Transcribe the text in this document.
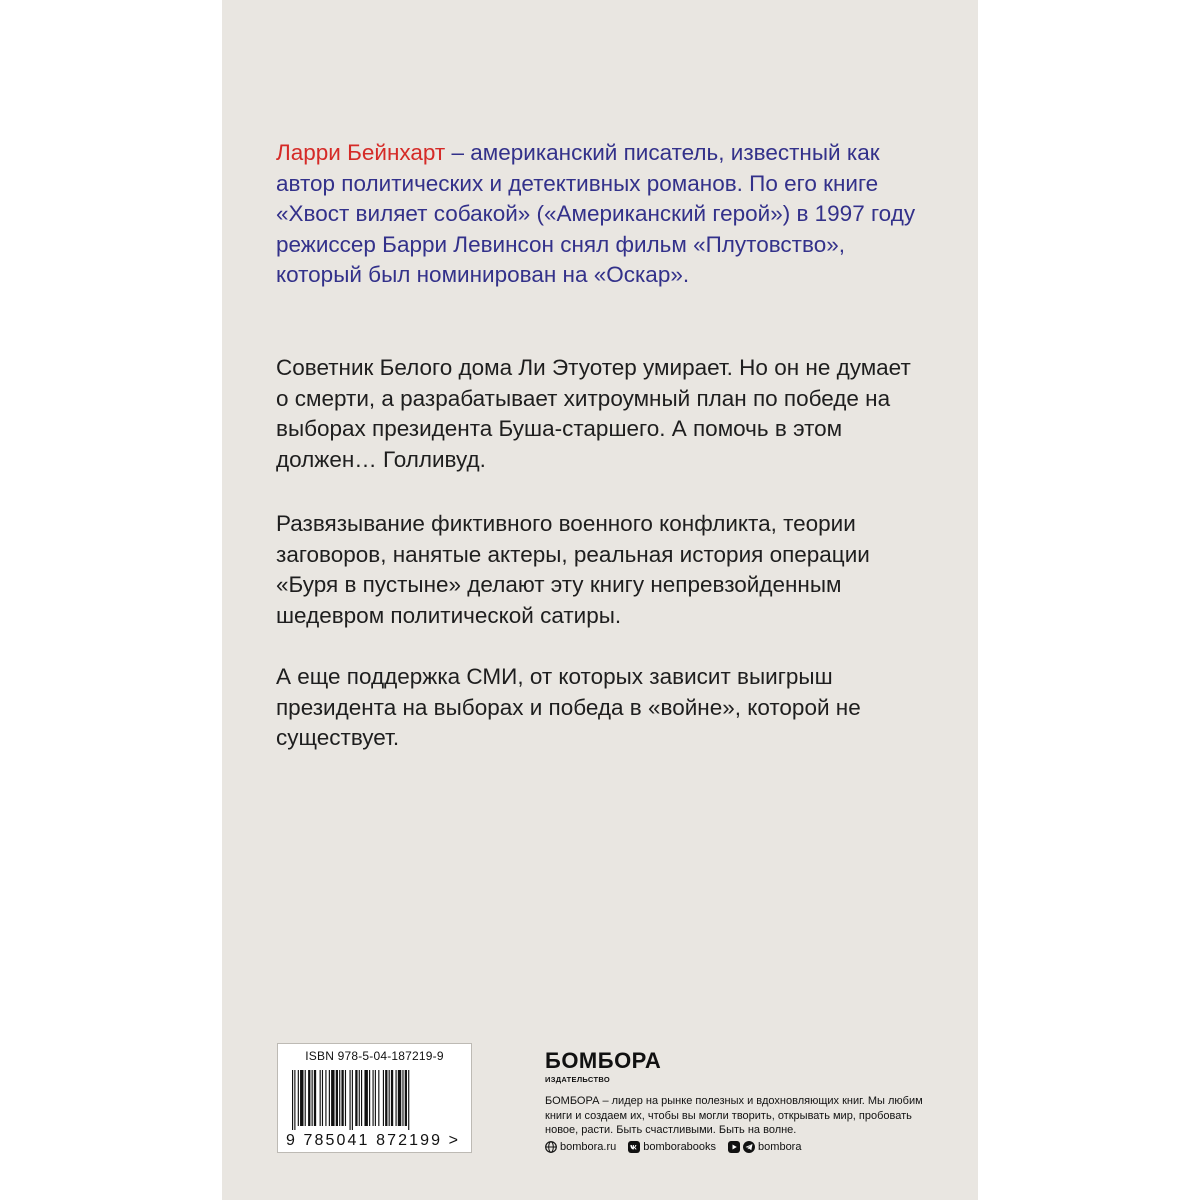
Ларри Бейнхарт – американский писатель, известный как автор политических и детективных романов. По его книге «Хвост виляет собакой» («Американский герой») в 1997 году режиссер Барри Левинсон снял фильм «Плутовство», который был номинирован на «Оскар».

Советник Белого дома Ли Этуотер умирает. Но он не думает о смерти, а разрабатывает хитроумный план по победе на выборах президента Буша-старшего. А помочь в этом должен… Голливуд.

Развязывание фиктивного военного конфликта, теории заговоров, нанятые актеры, реальная история операции «Буря в пустыне» делают эту книгу непревзойденным шедевром политической сатиры.

А еще поддержка СМИ, от которых зависит выигрыш президента на выборах и победа в «войне», которой не существует.

ISBN 978-5-04-187219-9
9 785041 872199 >
БОМБОРА
ИЗДАТЕЛЬСТВО

БОМБОРА – лидер на рынке полезных и вдохновляющих книг. Мы любим книги и создаем их, чтобы вы могли творить, открывать мир, пробовать новое, расти. Быть счастливыми. Быть на волне.

bombora.ru bomborabooks	bombora
